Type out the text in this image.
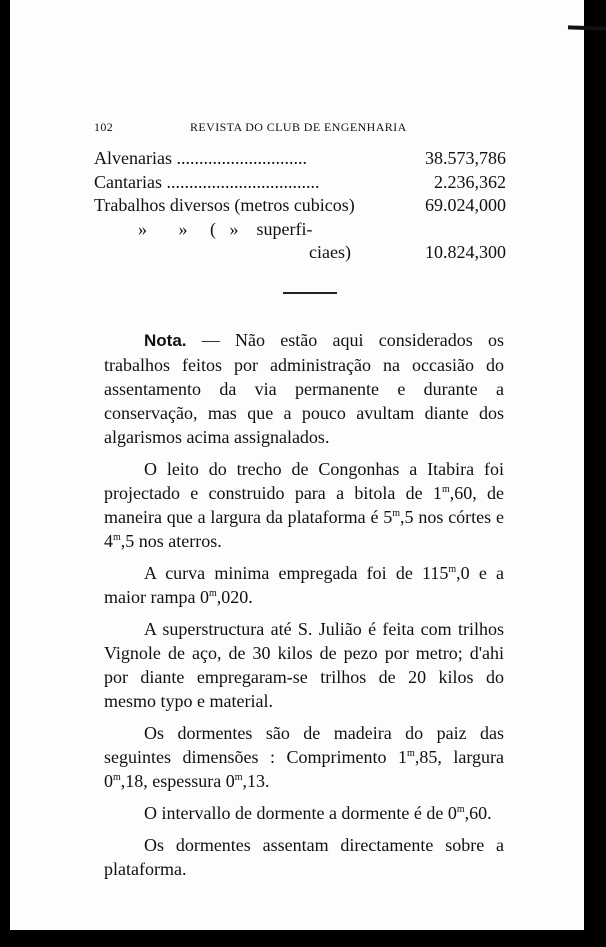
102	REVISTA DO CLUB DE ENGENHARIA
Alvenarias .............................	38.573,786
Cantarias ..................................	2.236,362
Trabalhos diversos (metros cubicos)	69.024,000
»       »     (   »    superfi-
ciaes)	10.824,300

Nota. — Não estão aqui considerados os trabalhos feitos por administração na occasião do assentamento da via permanente e durante a conservação, mas que a pouco avultam diante dos algarismos acima assignalados.

O leito do trecho de Congonhas a Itabira foi projectado e construido para a bitola de 1$^m$,60, de maneira que a largura da plataforma é 5$^m$,5 nos córtes e 4$^m$,5 nos aterros.

A curva minima empregada foi de 115$^m$,0 e a maior rampa 0$^m$,020.

A superstructura até S. Julião é feita com trilhos Vignole de aço, de 30 kilos de pezo por metro; d'ahi por diante empregaram-se trilhos de 20 kilos do mesmo typo e material.

Os dormentes são de madeira do paiz das seguintes dimensões : Comprimento 1$^m$,85, largura 0$^m$,18, espessura 0$^m$,13.

O intervallo de dormente a dormente é de 0$^m$,60.

Os dormentes assentam directamente sobre a plataforma.
